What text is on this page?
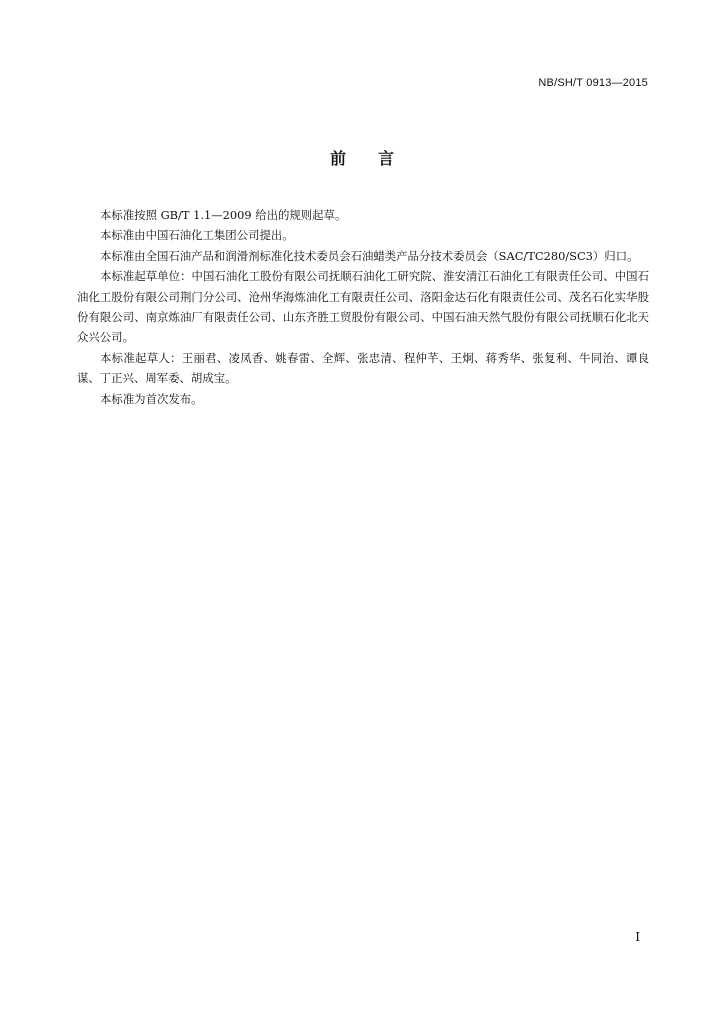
NB/SH/T 0913—2015
前　　言

本标准按照 GB/T 1.1—2009 给出的规则起草。

本标准由中国石油化工集团公司提出。

本标准由全国石油产品和润滑剂标准化技术委员会石油蜡类产品分技术委员会（SAC/TC280/SC3）归口。

本标准起草单位：中国石油化工股份有限公司抚顺石油化工研究院、淮安清江石油化工有限责任公司、中国石油化工股份有限公司荆门分公司、沧州华海炼油化工有限责任公司、洛阳金达石化有限责任公司、茂名石化实华股份有限公司、南京炼油厂有限责任公司、山东齐胜工贸股份有限公司、中国石油天然气股份有限公司抚顺石化北天众兴公司。

本标准起草人：王丽君、凌凤香、姚春雷、全辉、张忠清、程仲芊、王炯、蒋秀华、张复利、牛同治、谭良谋、丁正兴、周军委、胡成宝。

本标准为首次发布。

I
